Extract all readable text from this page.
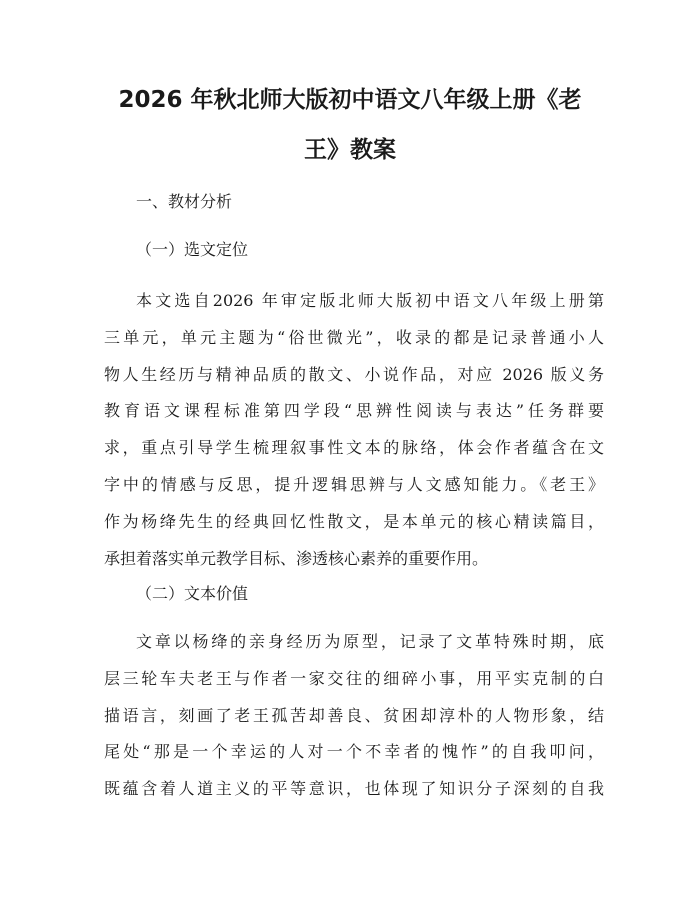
2026 年秋北师大版初中语文八年级上册《老
王》教案

一、教材分析

（一）选文定位

本文选自2026 年审定版北师大版初中语文八年级上册第
三单元，单元主题为“俗世微光”，收录的都是记录普通小人
物人生经历与精神品质的散文、小说作品，对应 2026 版义务
教育语文课程标准第四学段“思辨性阅读与表达”任务群要
求，重点引导学生梳理叙事性文本的脉络，体会作者蕴含在文
字中的情感与反思，提升逻辑思辨与人文感知能力。《老王》
作为杨绛先生的经典回忆性散文，是本单元的核心精读篇目，
承担着落实单元教学目标、渗透核心素养的重要作用。

（二）文本价值

文章以杨绛的亲身经历为原型，记录了文革特殊时期，底
层三轮车夫老王与作者一家交往的细碎小事，用平实克制的白
描语言，刻画了老王孤苦却善良、贫困却淳朴的人物形象，结
尾处“那是一个幸运的人对一个不幸者的愧怍”的自我叩问，
既蕴含着人道主义的平等意识，也体现了知识分子深刻的自我
